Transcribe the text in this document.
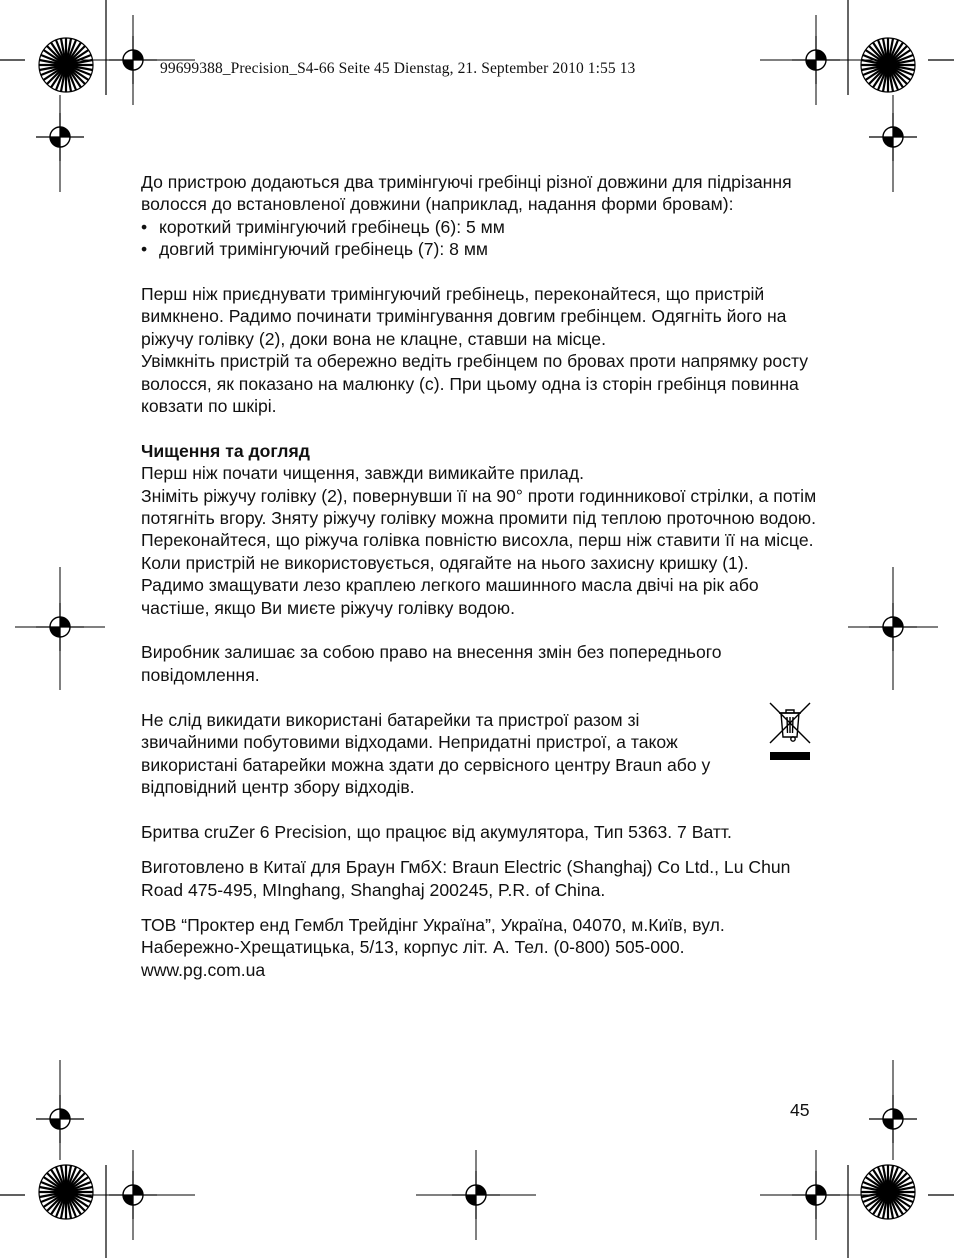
99699388_Precision_S4-66 Seite 45 Dienstag, 21. September 2010 1:55 13

До пристрою додаються два тримінгуючі гребінці різної довжини для підрізання волосся до встановленої довжини (наприклад, надання форми бровам):

• короткий тримінгуючий гребінець (6): 5 мм
• довгий тримінгуючий гребінець (7): 8 мм

Перш ніж приєднувати тримінгуючий гребінець, переконайтеся, що пристрій вимкнено. Радимо починати тримінгування довгим гребінцем. Одягніть його на ріжучу голівку (2), доки вона не клацне, ставши на місце.

Увімкніть пристрій та обережно ведіть гребінцем по бровах проти напрямку росту волосся, як показано на малюнку (c). При цьому одна із сторін гребінця повинна ковзати по шкірі.

Чищення та догляд

Перш ніж почати чищення, завжди вимикайте прилад.

Зніміть ріжучу голівку (2), повернувши її на 90° проти годинникової стрілки, а потім потягніть вгору. Зняту ріжучу голівку можна промити під теплою проточною водою.

Переконайтеся, що ріжуча голівка повністю висохла, перш ніж ставити її на місце.

Коли пристрій не використовується, одягайте на нього захисну кришку (1).

Радимо змащувати лезо краплею легкого машинного масла двічі на рік або частіше, якщо Ви миєте ріжучу голівку водою.

Виробник залишає за собою право на внесення змін без попереднього повідомлення.

Не слід викидати використані батарейки та пристрої разом зі звичайними побутовими відходами. Непридатні пристрої, а також використані батарейки можна здати до сервісного центру Braun або у відповідний центр збору відходів.

Бритва cruZer 6 Precision, що працює від акумулятора, Тип 5363. 7 Ватт.

Виготовлено в Китаї для Браун ГмбХ: Braun Electric (Shanghaj) Co Ltd., Lu Chun Road 475-495, MInghang, Shanghaj 200245, P.R. of China.

ТОВ “Проктер енд Гембл Трейдінг Україна”, Україна, 04070, м.Київ, вул. Набережно-Хрещатицька, 5/13, корпус літ. А. Тел. (0-800) 505-000.

www.pg.com.ua

45
